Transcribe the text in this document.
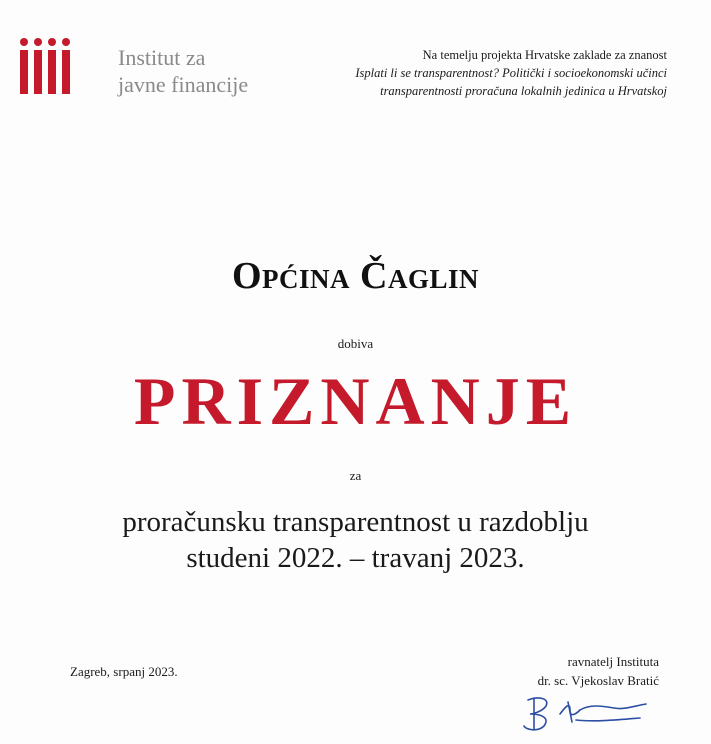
Institut za
javne financije
Na temelju projekta Hrvatske zaklade za znanost
Isplati li se transparentnost? Politički i socioekonomski učinci
transparentnosti proračuna lokalnih jedinica u Hrvatskoj
Općina Čaglin
dobiva
PRIZNANJE
za
proračunsku transparentnost u razdoblju
studeni 2022. – travanj 2023.
Zagreb, srpanj 2023.
ravnatelj Instituta
dr. sc. Vjekoslav Bratić
